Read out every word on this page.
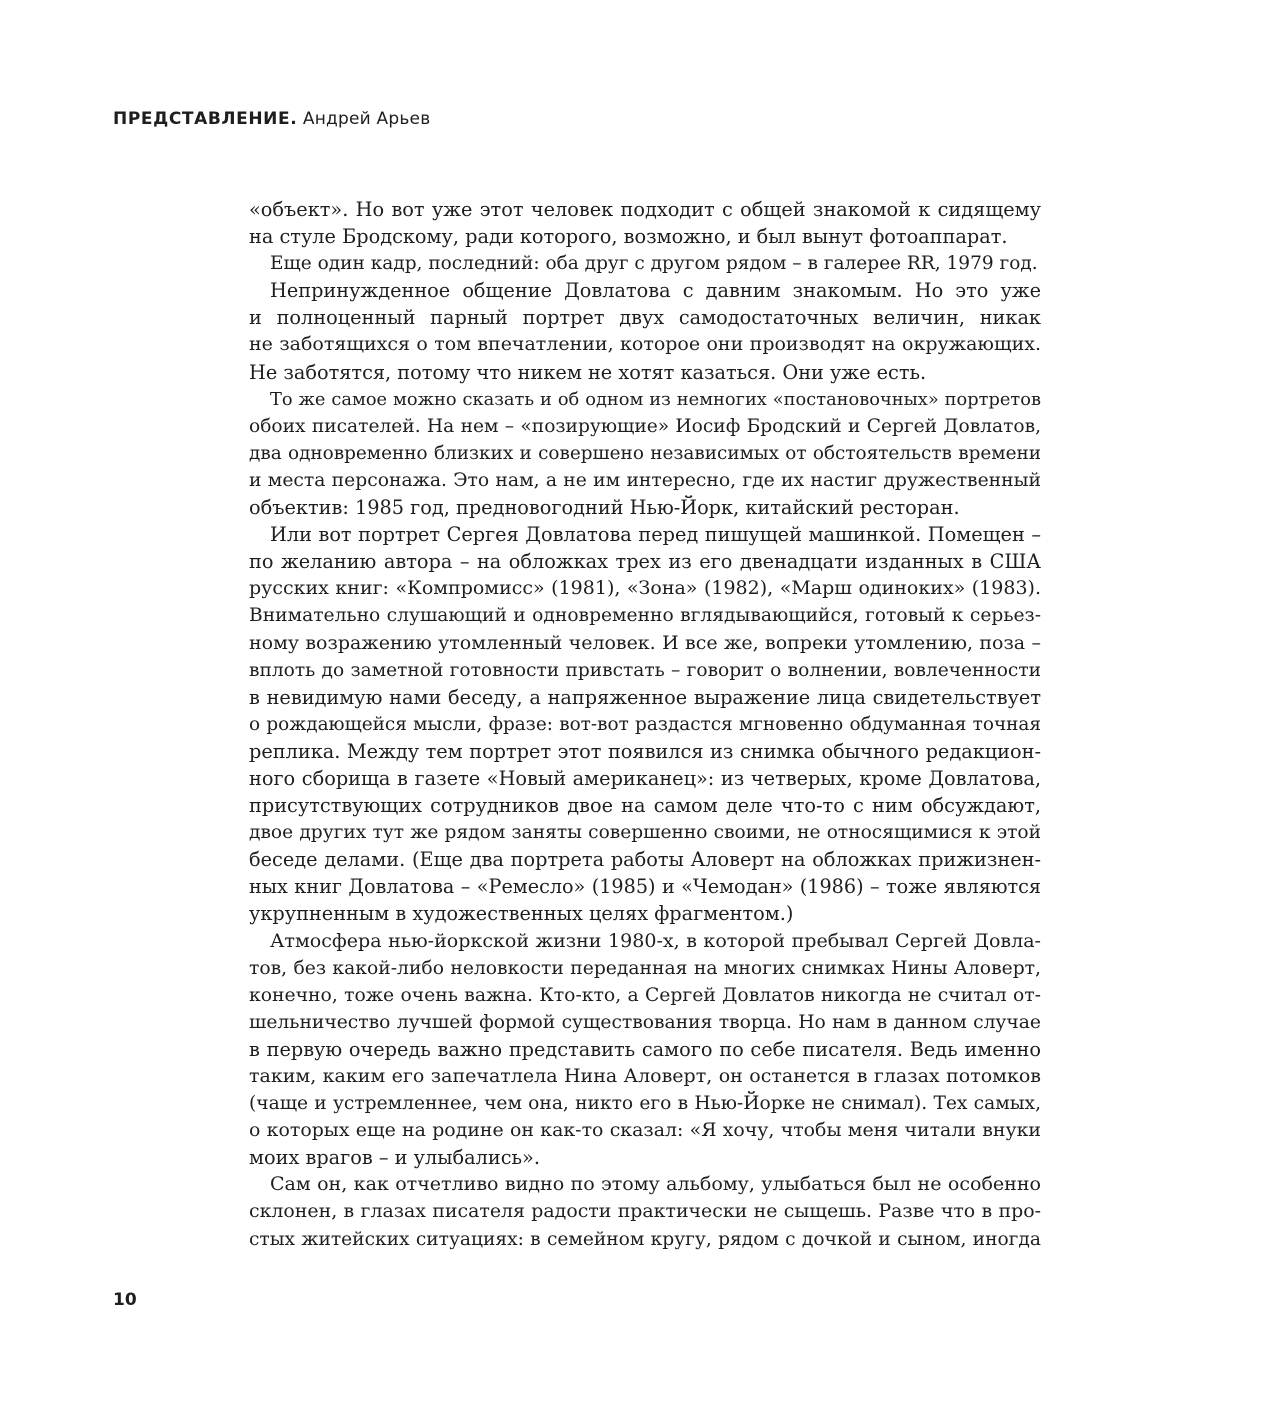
ПРЕДСТАВЛЕНИЕ. Андрей Арьев
«объект». Но вот уже этот человек подходит с общей знакомой к сидящему
на стуле Бродскому, ради которого, возможно, и был вынут фотоаппарат.
Еще один кадр, последний: оба друг с другом рядом – в галерее RR, 1979 год.
Непринужденное общение Довлатова с давним знакомым. Но это уже
и полноценный парный портрет двух самодостаточных величин, никак
не заботящихся о том впечатлении, которое они производят на окружающих.
Не заботятся, потому что никем не хотят казаться. Они уже есть.
То же самое можно сказать и об одном из немногих «постановочных» портретов
обоих писателей. На нем – «позирующие» Иосиф Бродский и Сергей Довлатов,
два одновременно близких и совершено независимых от обстоятельств времени
и места персонажа. Это нам, а не им интересно, где их настиг дружественный
объектив: 1985 год, предновогодний Нью-Йорк, китайский ресторан.
Или вот портрет Сергея Довлатова перед пишущей машинкой. Помещен –
по желанию автора – на обложках трех из его двенадцати изданных в США
русских книг: «Компромисс» (1981), «Зона» (1982), «Марш одиноких» (1983).
Внимательно слушающий и одновременно вглядывающийся, готовый к серьез-
ному возражению утомленный человек. И все же, вопреки утомлению, поза –
вплоть до заметной готовности привстать – говорит о волнении, вовлеченности
в невидимую нами беседу, а напряженное выражение лица свидетельствует
о рождающейся мысли, фразе: вот-вот раздастся мгновенно обдуманная точная
реплика. Между тем портрет этот появился из снимка обычного редакцион-
ного сборища в газете «Новый американец»: из четверых, кроме Довлатова,
присутствующих сотрудников двое на самом деле что-то с ним обсуждают,
двое других тут же рядом заняты совершенно своими, не относящимися к этой
беседе делами. (Еще два портрета работы Аловерт на обложках прижизнен-
ных книг Довлатова – «Ремесло» (1985) и «Чемодан» (1986) – тоже являются
укрупненным в художественных целях фрагментом.)
Атмосфера нью-йоркской жизни 1980-х, в которой пребывал Сергей Довла-
тов, без какой-либо неловкости переданная на многих снимках Нины Аловерт,
конечно, тоже очень важна. Кто-кто, а Сергей Довлатов никогда не считал от-
шельничество лучшей формой существования творца. Но нам в данном случае
в первую очередь важно представить самого по себе писателя. Ведь именно
таким, каким его запечатлела Нина Аловерт, он останется в глазах потомков
(чаще и устремленнее, чем она, никто его в Нью-Йорке не снимал). Тех самых,
о которых еще на родине он как-то сказал: «Я хочу, чтобы меня читали внуки
моих врагов – и улыбались».
Сам он, как отчетливо видно по этому альбому, улыбаться был не особенно
склонен, в глазах писателя радости практически не сыщешь. Разве что в про-
стых житейских ситуациях: в семейном кругу, рядом с дочкой и сыном, иногда
10
